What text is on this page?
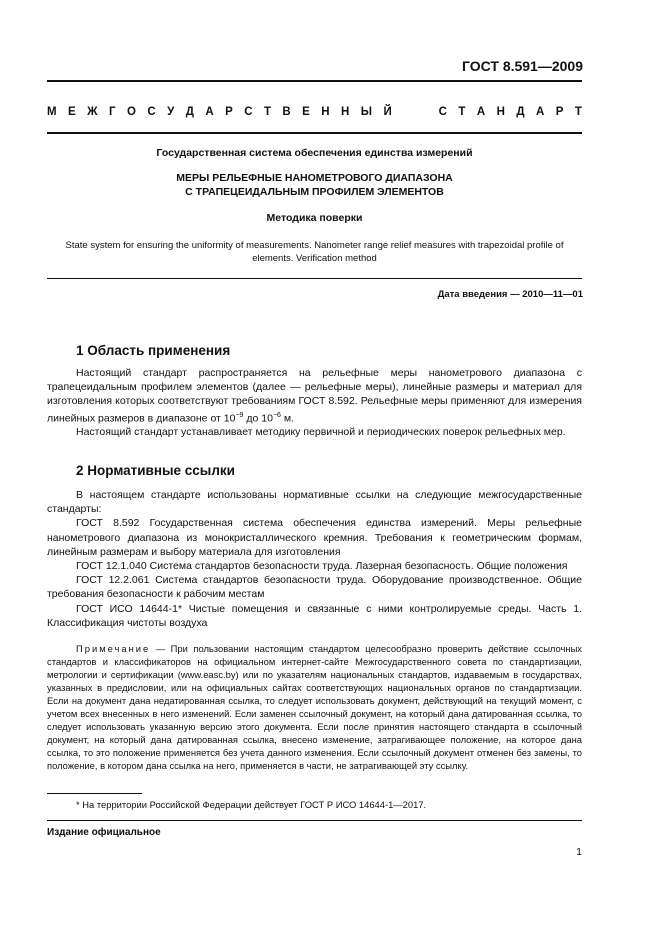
ГОСТ 8.591—2009
М Е Ж Г О С У Д А Р С Т В Е Н Н Ы Й	С Т А Н Д А Р Т
Государственная система обеспечения единства измерений
МЕРЫ РЕЛЬЕФНЫЕ НАНОМЕТРОВОГО ДИАПАЗОНА
С ТРАПЕЦЕИДАЛЬНЫМ ПРОФИЛЕМ ЭЛЕМЕНТОВ
Методика поверки
State system for ensuring the uniformity of measurements. Nanometer range relief measures with trapezoidal profile of
elements. Verification method
Дата введения — 2010—11—01
1 Область применения

Настоящий стандарт распространяется на рельефные меры нанометрового диапазона с трапецеидальным профилем элементов (далее — рельефные меры), линейные размеры и материал для изготовления которых соответствуют требованиям ГОСТ 8.592. Рельефные меры применяют для измерения линейных размеров в диапазоне от $10^{-9}$ до $10^{-6}$ м.

Настоящий стандарт устанавливает методику первичной и периодических поверок рельефных мер.

2 Нормативные ссылки

В настоящем стандарте использованы нормативные ссылки на следующие межгосударственные стандарты:

ГОСТ 8.592 Государственная система обеспечения единства измерений. Меры рельефные нанометрового диапазона из монокристаллического кремния. Требования к геометрическим формам, линейным размерам и выбору материала для изготовления

ГОСТ 12.1.040 Система стандартов безопасности труда. Лазерная безопасность. Общие положения

ГОСТ 12.2.061 Система стандартов безопасности труда. Оборудование производственное. Общие требования безопасности к рабочим местам

ГОСТ ИСО 14644-1* Чистые помещения и связанные с ними контролируемые среды. Часть 1. Классификация чистоты воздуха

Примечание — При пользовании настоящим стандартом целесообразно проверить действие ссылочных стандартов и классификаторов на официальном интернет-сайте Межгосударственного совета по стандартизации, метрологии и сертификации (www.easc.by) или по указателям национальных стандартов, издаваемым в государствах, указанных в предисловии, или на официальных сайтах соответствующих национальных органов по стандартизации. Если на документ дана недатированная ссылка, то следует использовать документ, действующий на текущий момент, с учетом всех внесенных в него изменений. Если заменен ссылочный документ, на который дана датированная ссылка, то следует использовать указанную версию этого документа. Если после принятия настоящего стандарта в ссылочный документ, на который дана датированная ссылка, внесено изменение, затрагивающее положение, на которое дана ссылка, то это положение применяется без учета данного изменения. Если ссылочный документ отменен без замены, то положение, в котором дана ссылка на него, применяется в части, не затрагивающей эту ссылку.

* На территории Российской Федерации действует ГОСТ Р ИСО 14644-1—2017.
Издание официальное
1
